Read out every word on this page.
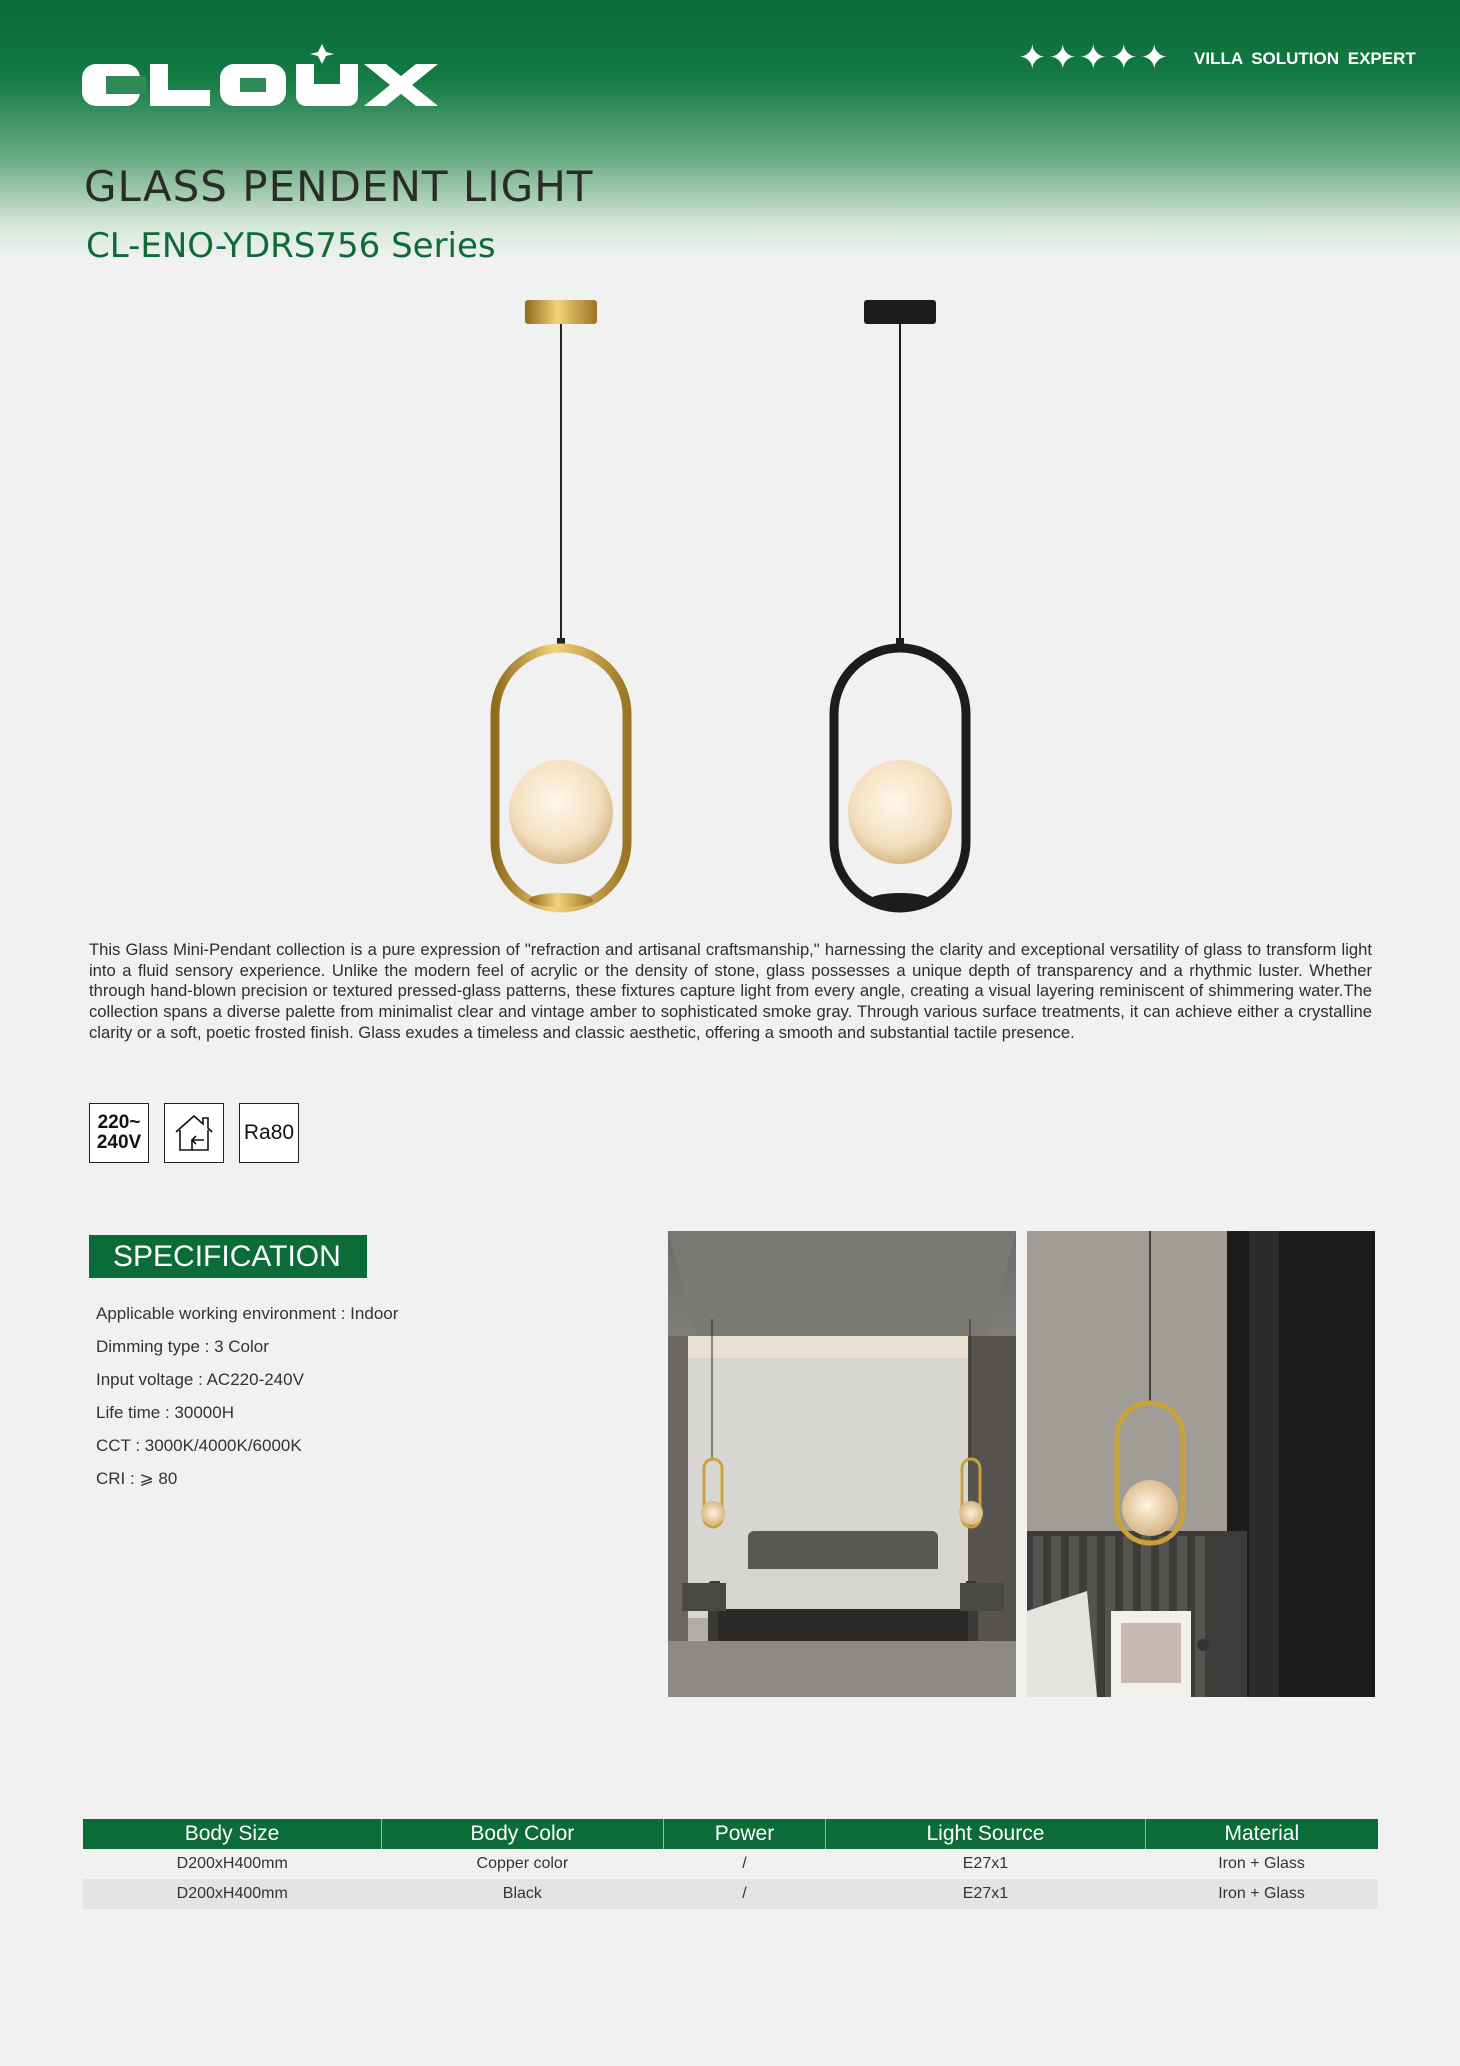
✦✦✦✦✦ VILLA SOLUTION EXPERT
GLASS PENDENT LIGHT
CL-ENO-YDRS756 Series
This Glass Mini-Pendant collection is a pure expression of "refraction and artisanal craftsmanship," harnessing the clarity and exceptional versatility of glass to transform light into a fluid sensory experience. Unlike the modern feel of acrylic or the density of stone, glass possesses a unique depth of transparency and a rhythmic luster. Whether through hand-blown precision or textured pressed-glass patterns, these fixtures capture light from every angle, creating a visual layering reminiscent of shimmering water.The collection spans a diverse palette from minimalist clear and vintage amber to sophisticated smoke gray. Through various surface treatments, it can achieve either a crystalline clarity or a soft, poetic frosted finish. Glass exudes a timeless and classic aesthetic, offering a smooth and substantial tactile presence.
220~
240V	Ra80
SPECIFICATION
Applicable working environment : Indoor
Dimming type : 3 Color
Input voltage : AC220-240V
Life time : 30000H
CCT : 3000K/4000K/6000K
CRI : ⩾ 80
Body Size	Body Color	Power	Light Source	Material
D200xH400mm	Copper color	/	E27x1	Iron + Glass
D200xH400mm	Black	/	E27x1	Iron + Glass
